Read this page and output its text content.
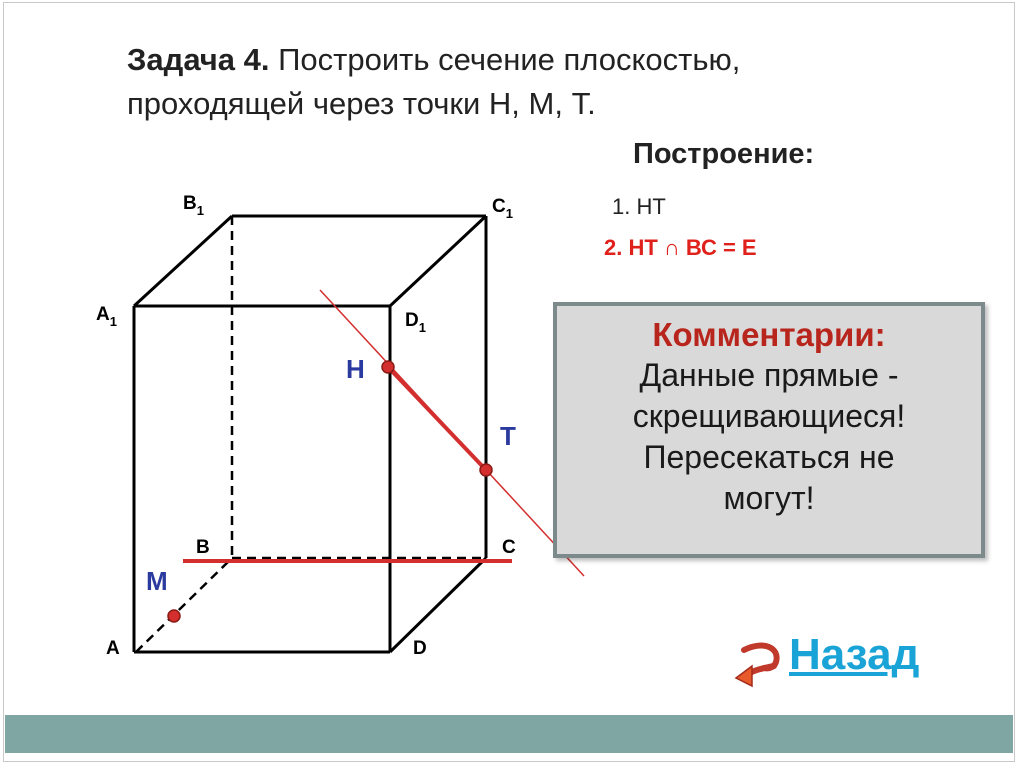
Задача 4. Построить сечение плоскостью,
проходящей через точки Н, М, Т.
Построение:
1. НТ
2. НТ ∩ ВС = Е
$B_1$	$C_1$
$A_1$	$D_1$
B	C
A	D
Н
Т
М
Комментарии:
Данные прямые -
скрещивающиеся!
Пересекаться не
могут!
Назад
